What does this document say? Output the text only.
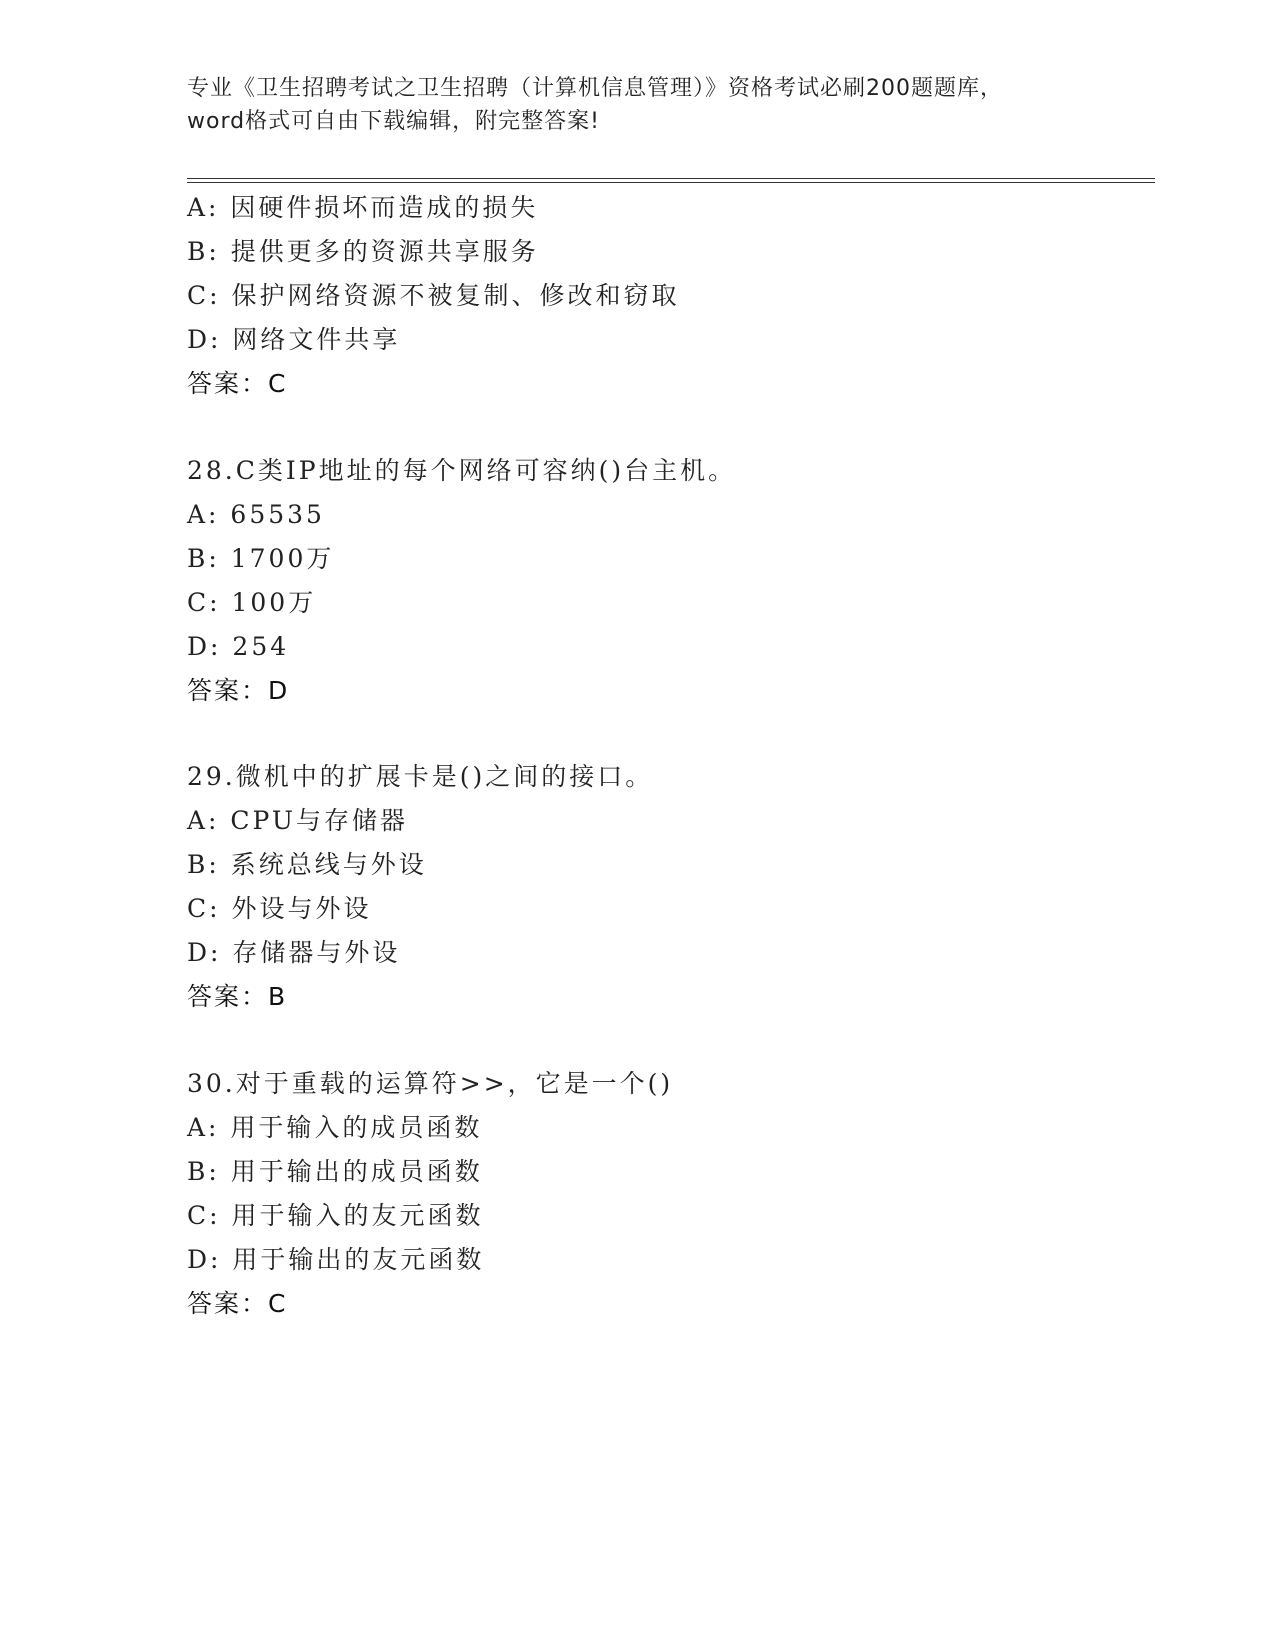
专业《卫生招聘考试之卫生招聘（计算机信息管理）》资格考试必刷200题题库，
word格式可自由下载编辑，附完整答案!
A: 因硬件损坏而造成的损失
B: 提供更多的资源共享服务
C: 保护网络资源不被复制、修改和窃取
D: 网络文件共享
答案：C
28.C类IP地址的每个网络可容纳()台主机。
A: 65535
B: 1700万
C: 100万
D: 254
答案：D
29.微机中的扩展卡是()之间的接口。
A: CPU与存储器
B: 系统总线与外设
C: 外设与外设
D: 存储器与外设
答案：B
30.对于重载的运算符>>，它是一个()
A: 用于输入的成员函数
B: 用于输出的成员函数
C: 用于输入的友元函数
D: 用于输出的友元函数
答案：C
